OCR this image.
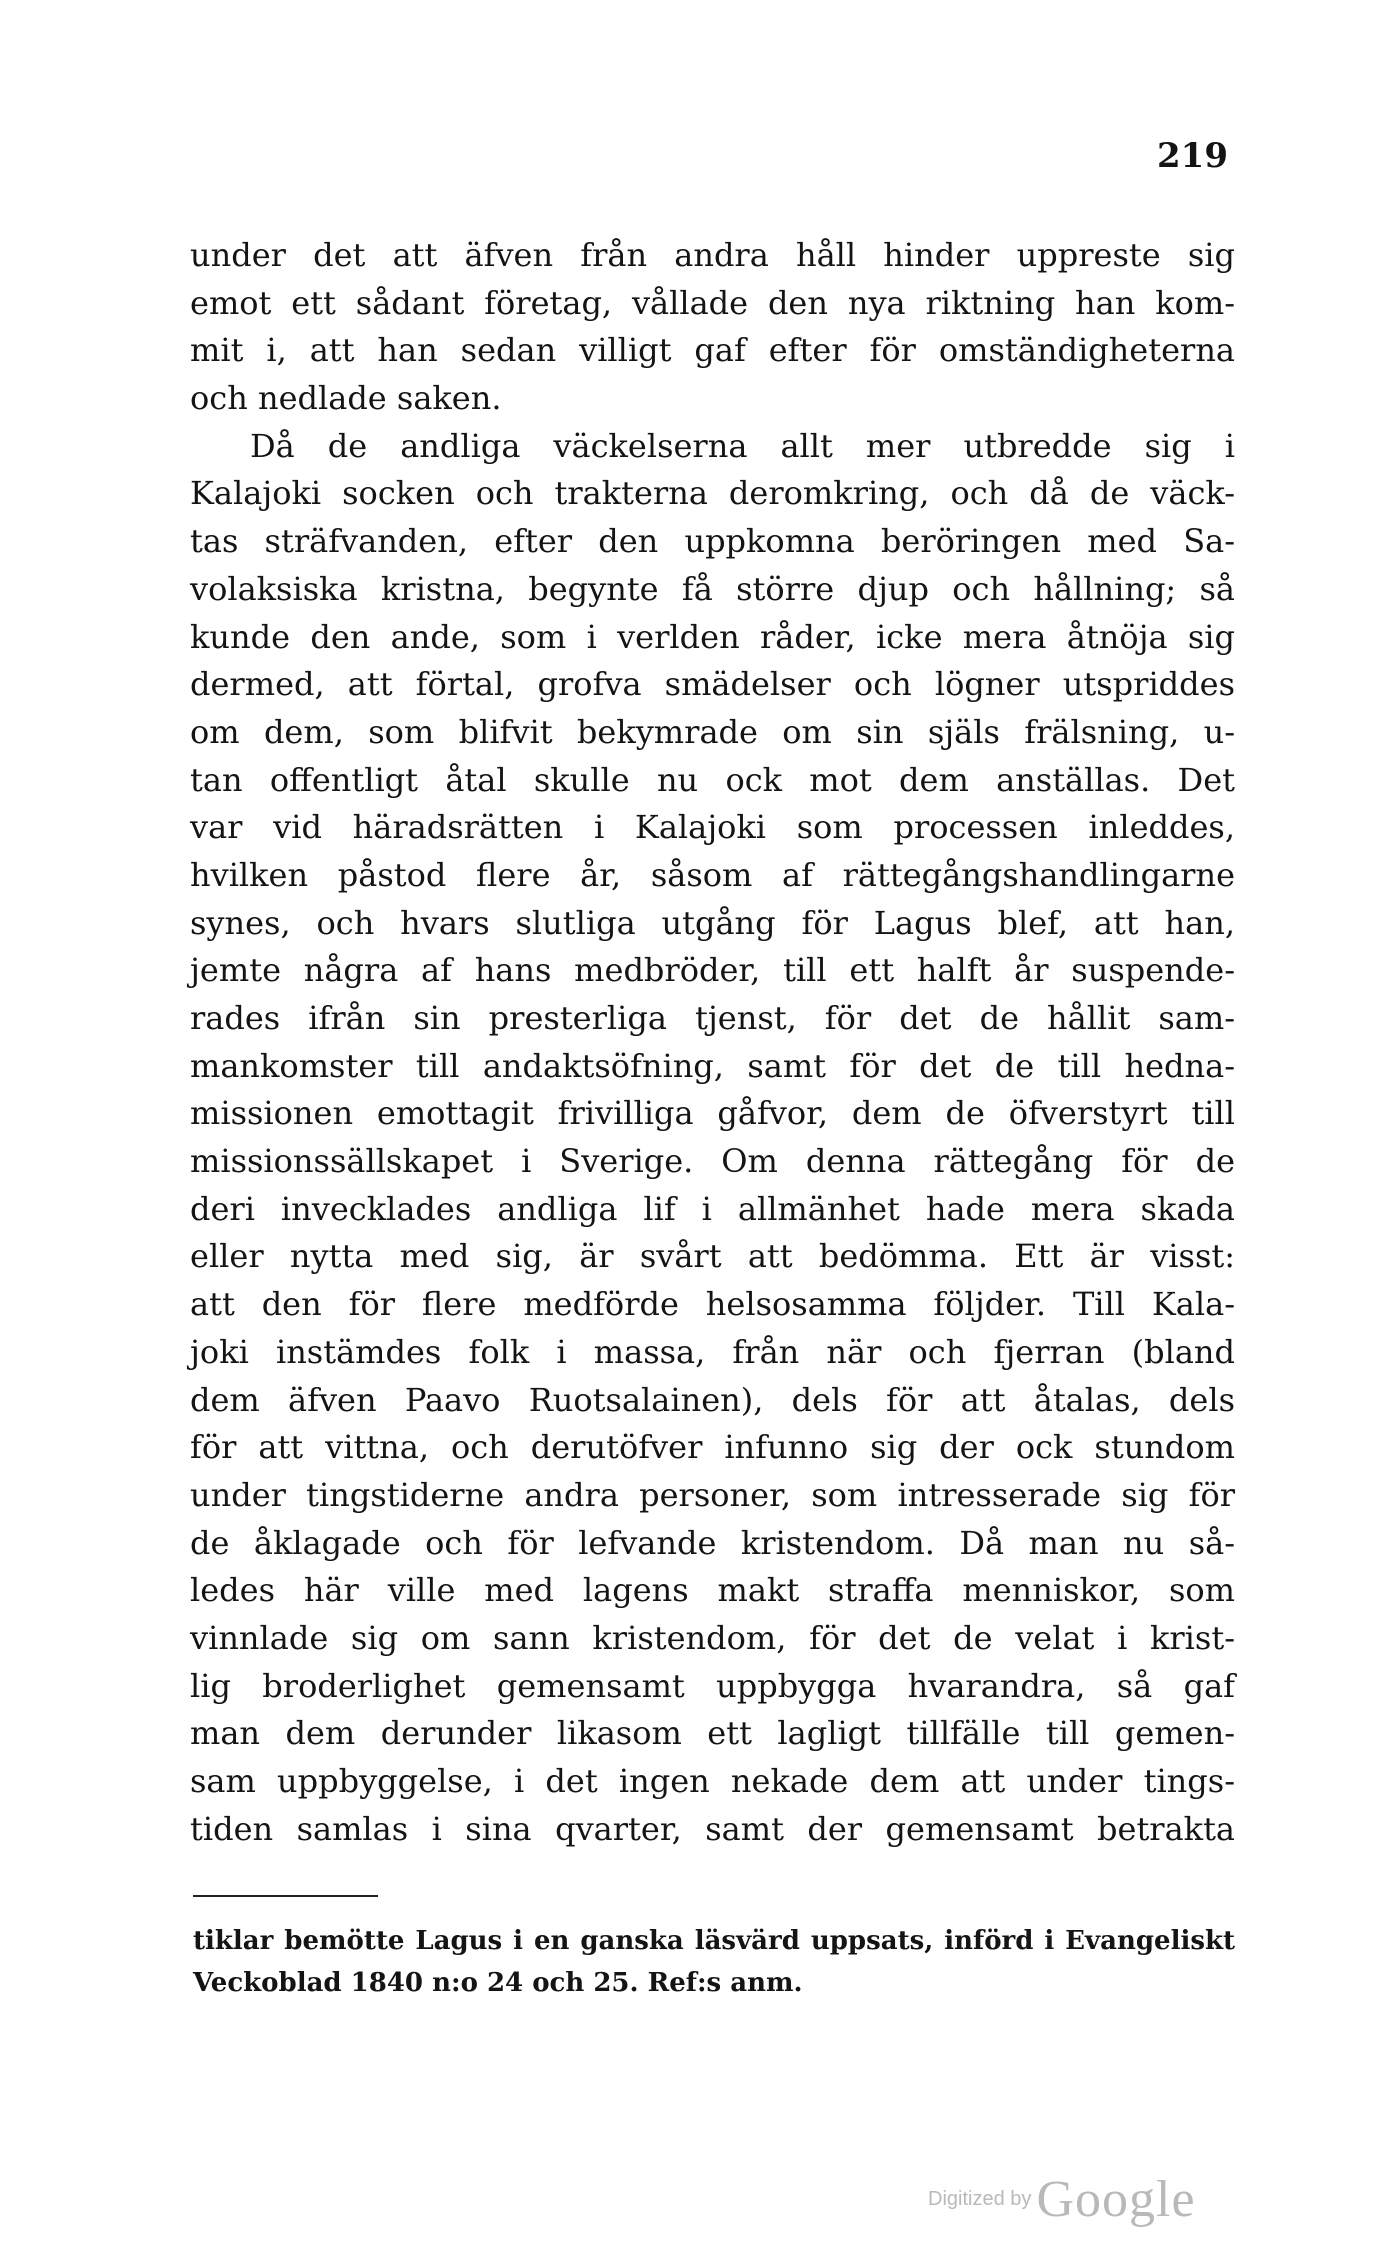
219
under det att äfven från andra håll hinder uppreste sig
emot ett sådant företag, vållade den nya riktning han kom-
mit i, att han sedan villigt gaf efter för omständigheterna
och nedlade saken.
Då de andliga väckelserna allt mer utbredde sig i
Kalajoki socken och trakterna deromkring, och då de väck-
tas sträfvanden, efter den uppkomna beröringen med Sa-
volaksiska kristna, begynte få större djup och hållning; så
kunde den ande, som i verlden råder, icke mera åtnöja sig
dermed, att förtal, grofva smädelser och lögner utspriddes
om dem, som blifvit bekymrade om sin själs frälsning, u-
tan offentligt åtal skulle nu ock mot dem anställas. Det
var vid häradsrätten i Kalajoki som processen inleddes,
hvilken påstod flere år, såsom af rättegångshandlingarne
synes, och hvars slutliga utgång för Lagus blef, att han,
jemte några af hans medbröder, till ett halft år suspende-
rades ifrån sin presterliga tjenst, för det de hållit sam-
mankomster till andaktsöfning, samt för det de till hedna-
missionen emottagit frivilliga gåfvor, dem de öfverstyrt till
missionssällskapet i Sverige. Om denna rättegång för de
deri invecklades andliga lif i allmänhet hade mera skada
eller nytta med sig, är svårt att bedömma. Ett är visst:
att den för flere medförde helsosamma följder. Till Kala-
joki instämdes folk i massa, från när och fjerran (bland
dem äfven Paavo Ruotsalainen), dels för att åtalas, dels
för att vittna, och derutöfver infunno sig der ock stundom
under tingstiderne andra personer, som intresserade sig för
de åklagade och för lefvande kristendom. Då man nu så-
ledes här ville med lagens makt straffa menniskor, som
vinnlade sig om sann kristendom, för det de velat i krist-
lig broderlighet gemensamt uppbygga hvarandra, så gaf
man dem derunder likasom ett lagligt tillfälle till gemen-
sam uppbyggelse, i det ingen nekade dem att under tings-
tiden samlas i sina qvarter, samt der gemensamt betrakta
tiklar bemötte Lagus i en ganska läsvärd uppsats, införd i Evangeliskt
Veckoblad 1840 n:o 24 och 25. Ref:s anm.
Digitized by Google
